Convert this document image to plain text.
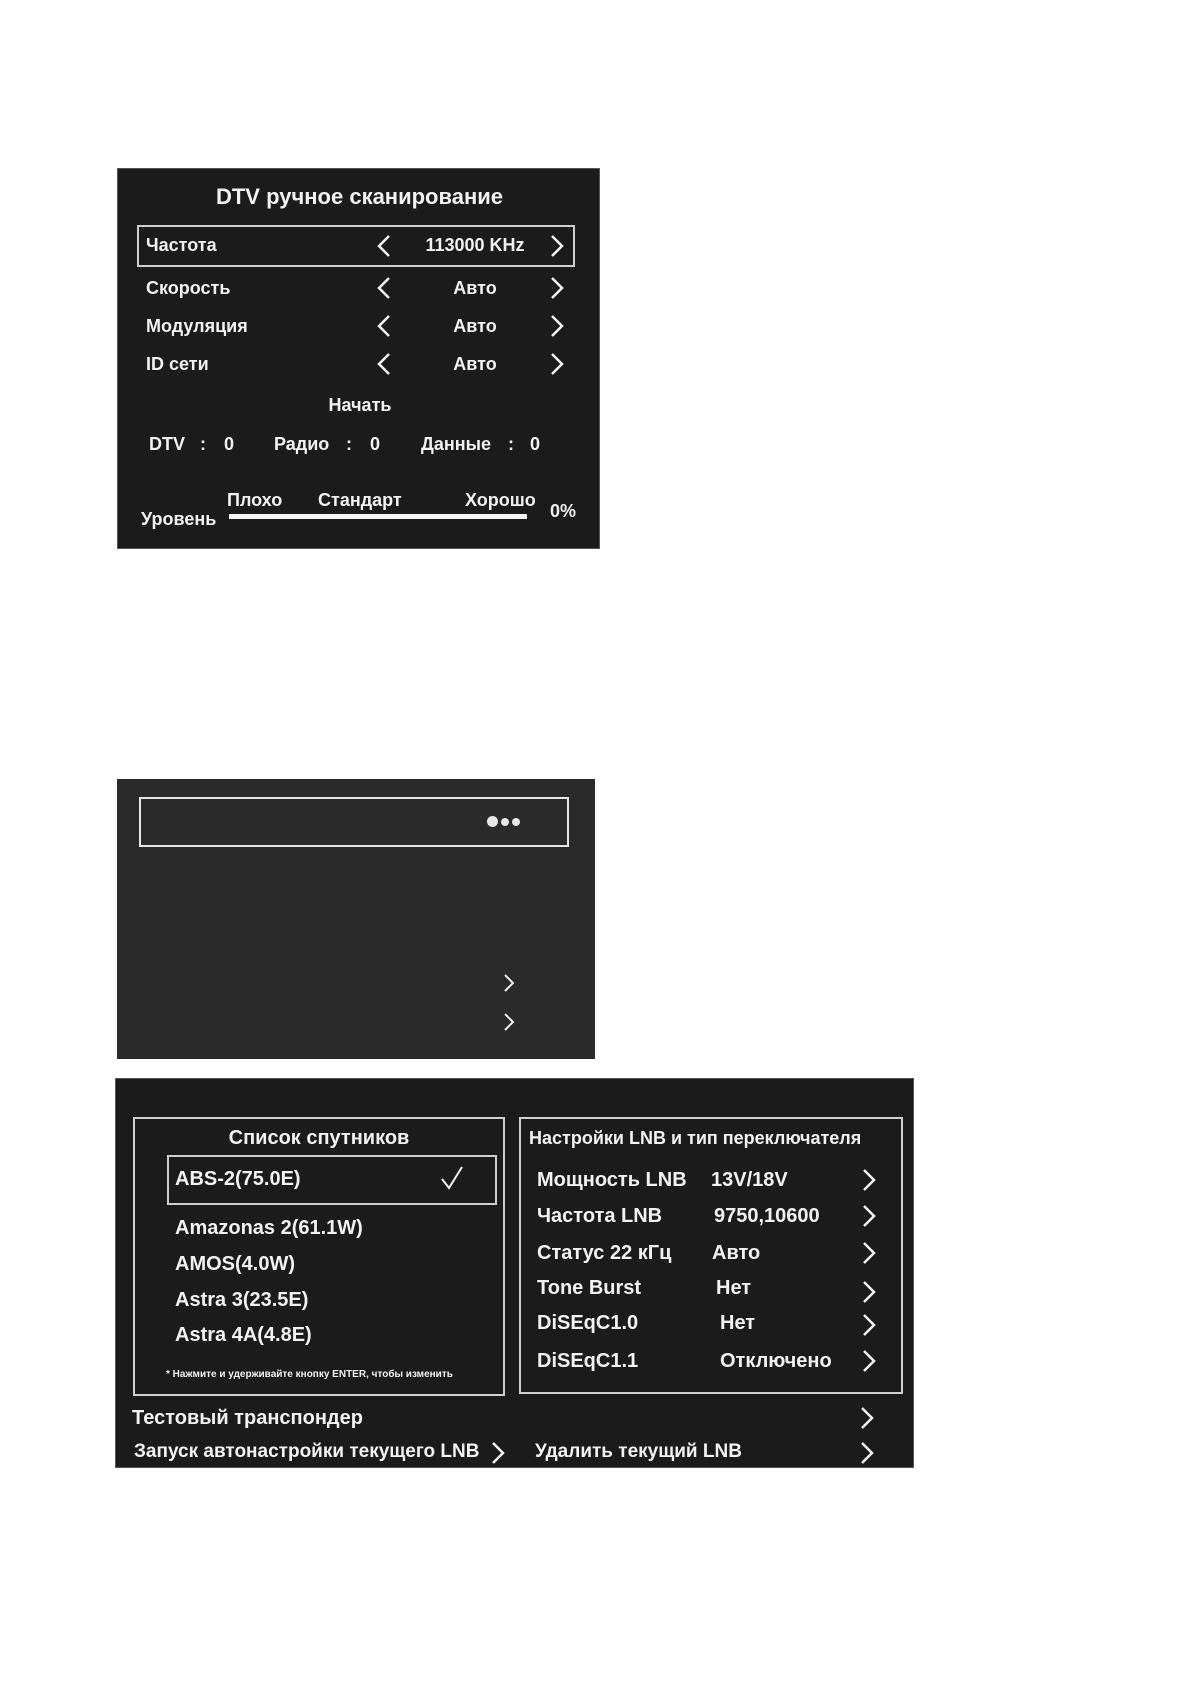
DTV ручное сканирование
Частота	113000 KHz
Скорость	Авто
Модуляция	Авто
ID сети	Авто
Начать
DTV : 0 Радио : 0 Данные : 0
Плохо Стандарт	Хорошо
Уровень	0%
Список спутников
ABS-2(75.0E)
Amazonas 2(61.1W)
AMOS(4.0W)
Astra 3(23.5E)
Astra 4A(4.8E)
* Нажмите и удерживайте кнопку ENTER, чтобы изменить
Настройки LNB и тип переключателя
Мощность LNB 13V/18V
Частота LNB	9750,10600
Статус 22 кГц Авто
Tone Burst	Нет
DiSEqC1.0	Нет
DiSEqC1.1	Отключено
Тестовый транспондер
Запуск автонастройки текущего LNB	Удалить текущий LNB
